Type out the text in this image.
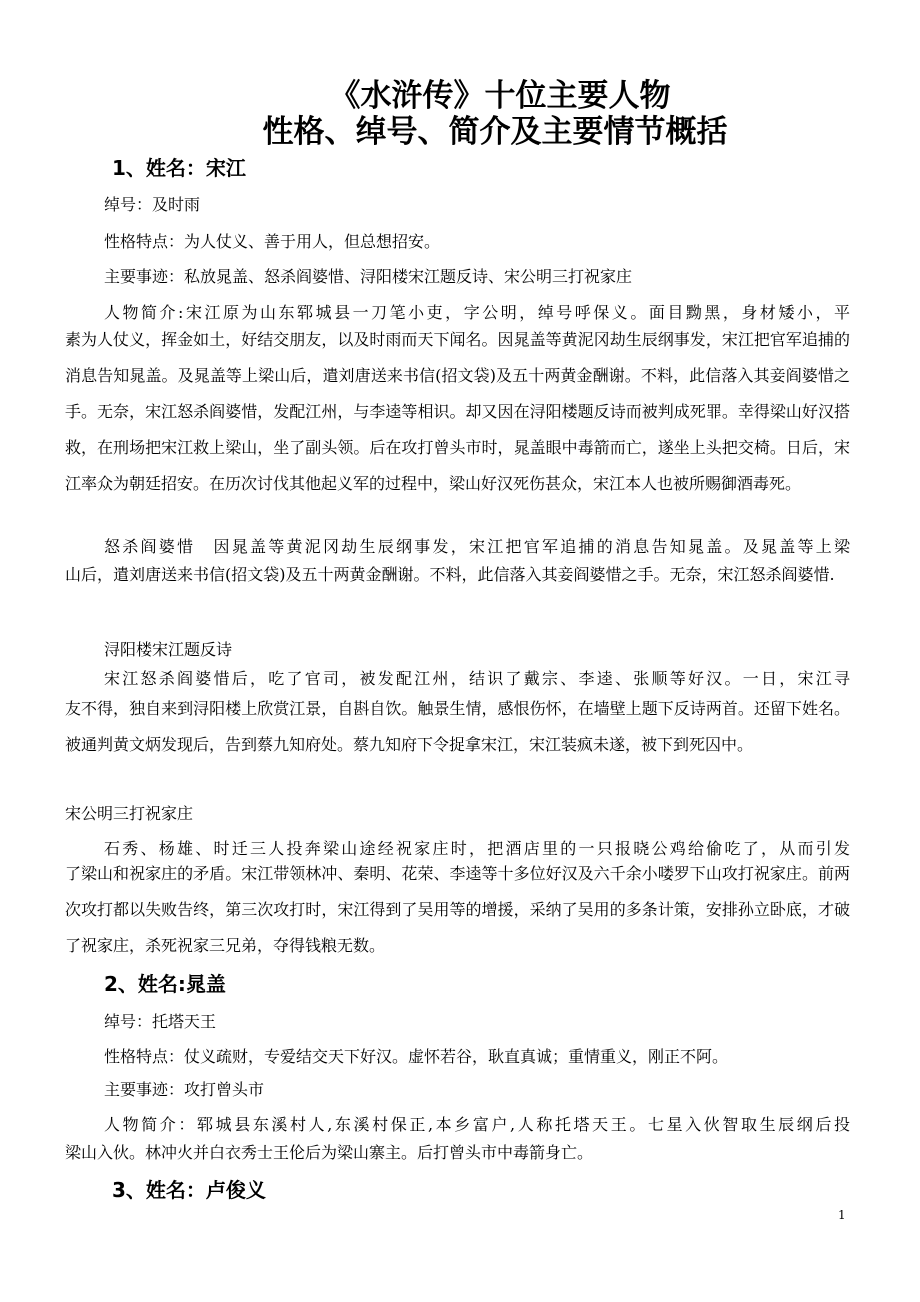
《水浒传》十位主要人物
性格、绰号、简介及主要情节概括
1、姓名：宋江
绰号：及时雨
性格特点：为人仗义、善于用人，但总想招安。
主要事迹：私放晁盖、怒杀阎婆惜、浔阳楼宋江题反诗、宋公明三打祝家庄
人物简介:宋江原为山东郓城县一刀笔小吏，字公明，绰号呼保义。面目黝黑，身材矮小，平
素为人仗义，挥金如土，好结交朋友，以及时雨而天下闻名。因晁盖等黄泥冈劫生辰纲事发，宋江把官军追捕的消息告知晁盖。及晁盖等上梁山后，遣刘唐送来书信(招文袋)及五十两黄金酬谢。不料，此信落入其妾阎婆惜之手。无奈，宋江怒杀阎婆惜，发配江州，与李逵等相识。却又因在浔阳楼题反诗而被判成死罪。幸得梁山好汉搭救，在刑场把宋江救上梁山，坐了副头领。后在攻打曾头市时，晁盖眼中毒箭而亡，遂坐上头把交椅。日后，宋江率众为朝廷招安。在历次讨伐其他起义军的过程中，梁山好汉死伤甚众，宋江本人也被所赐御酒毒死。
怒杀阎婆惜　因晁盖等黄泥冈劫生辰纲事发，宋江把官军追捕的消息告知晁盖。及晁盖等上梁
山后，遣刘唐送来书信(招文袋)及五十两黄金酬谢。不料，此信落入其妾阎婆惜之手。无奈，宋江怒杀阎婆惜.
浔阳楼宋江题反诗
宋江怒杀阎婆惜后，吃了官司，被发配江州，结识了戴宗、李逵、张顺等好汉。一日，宋江寻
友不得，独自来到浔阳楼上欣赏江景，自斟自饮。触景生情，感恨伤怀，在墙壁上题下反诗两首。还留下姓名。被通判黄文炳发现后，告到蔡九知府处。蔡九知府下令捉拿宋江，宋江装疯未遂，被下到死囚中。
宋公明三打祝家庄
石秀、杨雄、时迁三人投奔梁山途经祝家庄时，把酒店里的一只报晓公鸡给偷吃了，从而引发
了梁山和祝家庄的矛盾。宋江带领林冲、秦明、花荣、李逵等十多位好汉及六千余小喽罗下山攻打祝家庄。前两次攻打都以失败告终，第三次攻打时，宋江得到了吴用等的增援，采纳了吴用的多条计策，安排孙立卧底，才破了祝家庄，杀死祝家三兄弟，夺得钱粮无数。
2、姓名:晁盖
绰号：托塔天王
性格特点：仗义疏财，专爱结交天下好汉。虚怀若谷，耿直真诚；重情重义，刚正不阿。
主要事迹：攻打曾头市
人物简介：郓城县东溪村人,东溪村保正,本乡富户,人称托塔天王。七星入伙智取生辰纲后投
梁山入伙。林冲火并白衣秀士王伦后为梁山寨主。后打曾头市中毒箭身亡。
3、姓名：卢俊义
1
